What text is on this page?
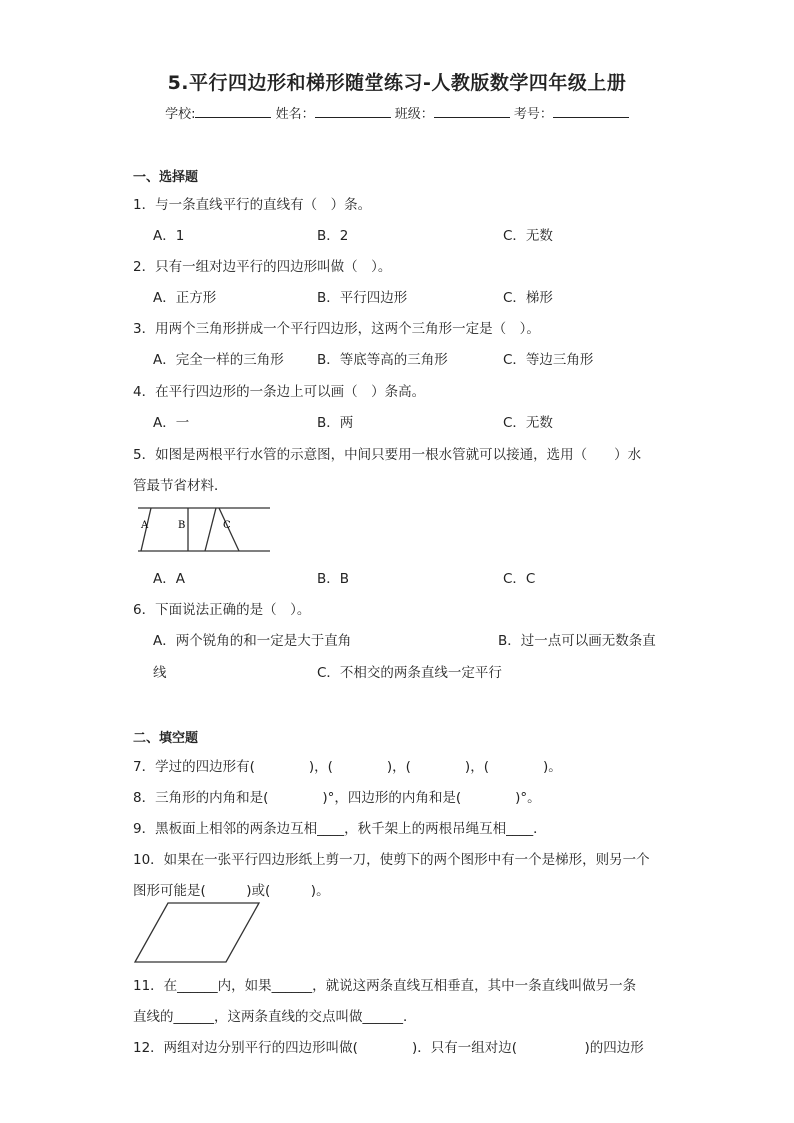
5.平行四边形和梯形随堂练习-人教版数学四年级上册
学校:	姓名：	班级：	考号：
一、选择题
1．与一条直线平行的直线有（　）条。
A．1	B．2	C．无数
2．只有一组对边平行的四边形叫做（　）。
A．正方形	B．平行四边形	C．梯形
3．用两个三角形拼成一个平行四边形，这两个三角形一定是（　）。
A．完全一样的三角形 B．等底等高的三角形	C．等边三角形
4．在平行四边形的一条边上可以画（　）条高。
A．一	B．两	C．无数
5．如图是两根平行水管的示意图，中间只要用一根水管就可以接通，选用（　　）水
管最节省材料．
A	B	C
A．A	B．B	C．C
6．下面说法正确的是（　）。
A．两个锐角的和一定是大于直角	B．过一点可以画无数条直
线	C．不相交的两条直线一定平行
二、填空题
7．学过的四边形有(　　　　)，(　　　　)，(　　　　)，(　　　　)。
8．三角形的内角和是(　　　　)°，四边形的内角和是(　　　　)°。
9．黑板面上相邻的两条边互相____，秋千架上的两根吊绳互相____．
10．如果在一张平行四边形纸上剪一刀，使剪下的两个图形中有一个是梯形，则另一个
图形可能是(　　　)或(　　　)。
11．在______内，如果______，就说这两条直线互相垂直，其中一条直线叫做另一条
直线的______，这两条直线的交点叫做______．
12．两组对边分别平行的四边形叫做(　　　　)．只有一组对边(　　　　　)的四边形
